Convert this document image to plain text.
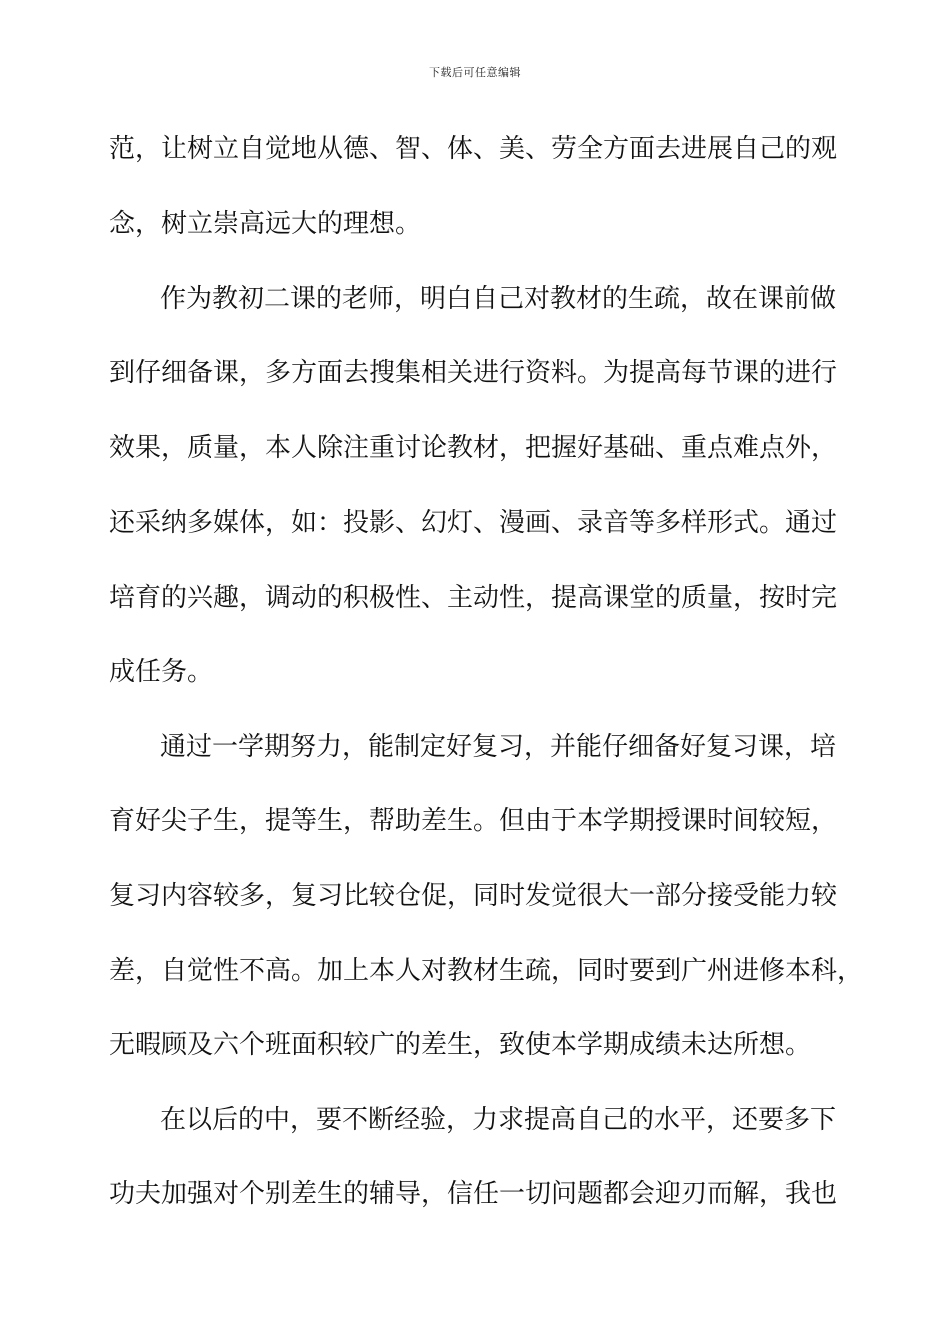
下载后可任意编辑
范，让树立自觉地从德、智、体、美、劳全方面去进展自己的观
念，树立崇高远大的理想。
作为教初二课的老师，明白自己对教材的生疏，故在课前做
到仔细备课，多方面去搜集相关进行资料。为提高每节课的进行
效果，质量，本人除注重讨论教材，把握好基础、重点难点外，
还采纳多媒体，如：投影、幻灯、漫画、录音等多样形式。通过
培育的兴趣，调动的积极性、主动性，提高课堂的质量，按时完
成任务。
通过一学期努力，能制定好复习，并能仔细备好复习课，培
育好尖子生，提等生，帮助差生。但由于本学期授课时间较短，
复习内容较多，复习比较仓促，同时发觉很大一部分接受能力较
差，自觉性不高。加上本人对教材生疏，同时要到广州进修本科，
无暇顾及六个班面积较广的差生，致使本学期成绩未达所想。
在以后的中，要不断经验，力求提高自己的水平，还要多下
功夫加强对个别差生的辅导，信任一切问题都会迎刃而解，我也
